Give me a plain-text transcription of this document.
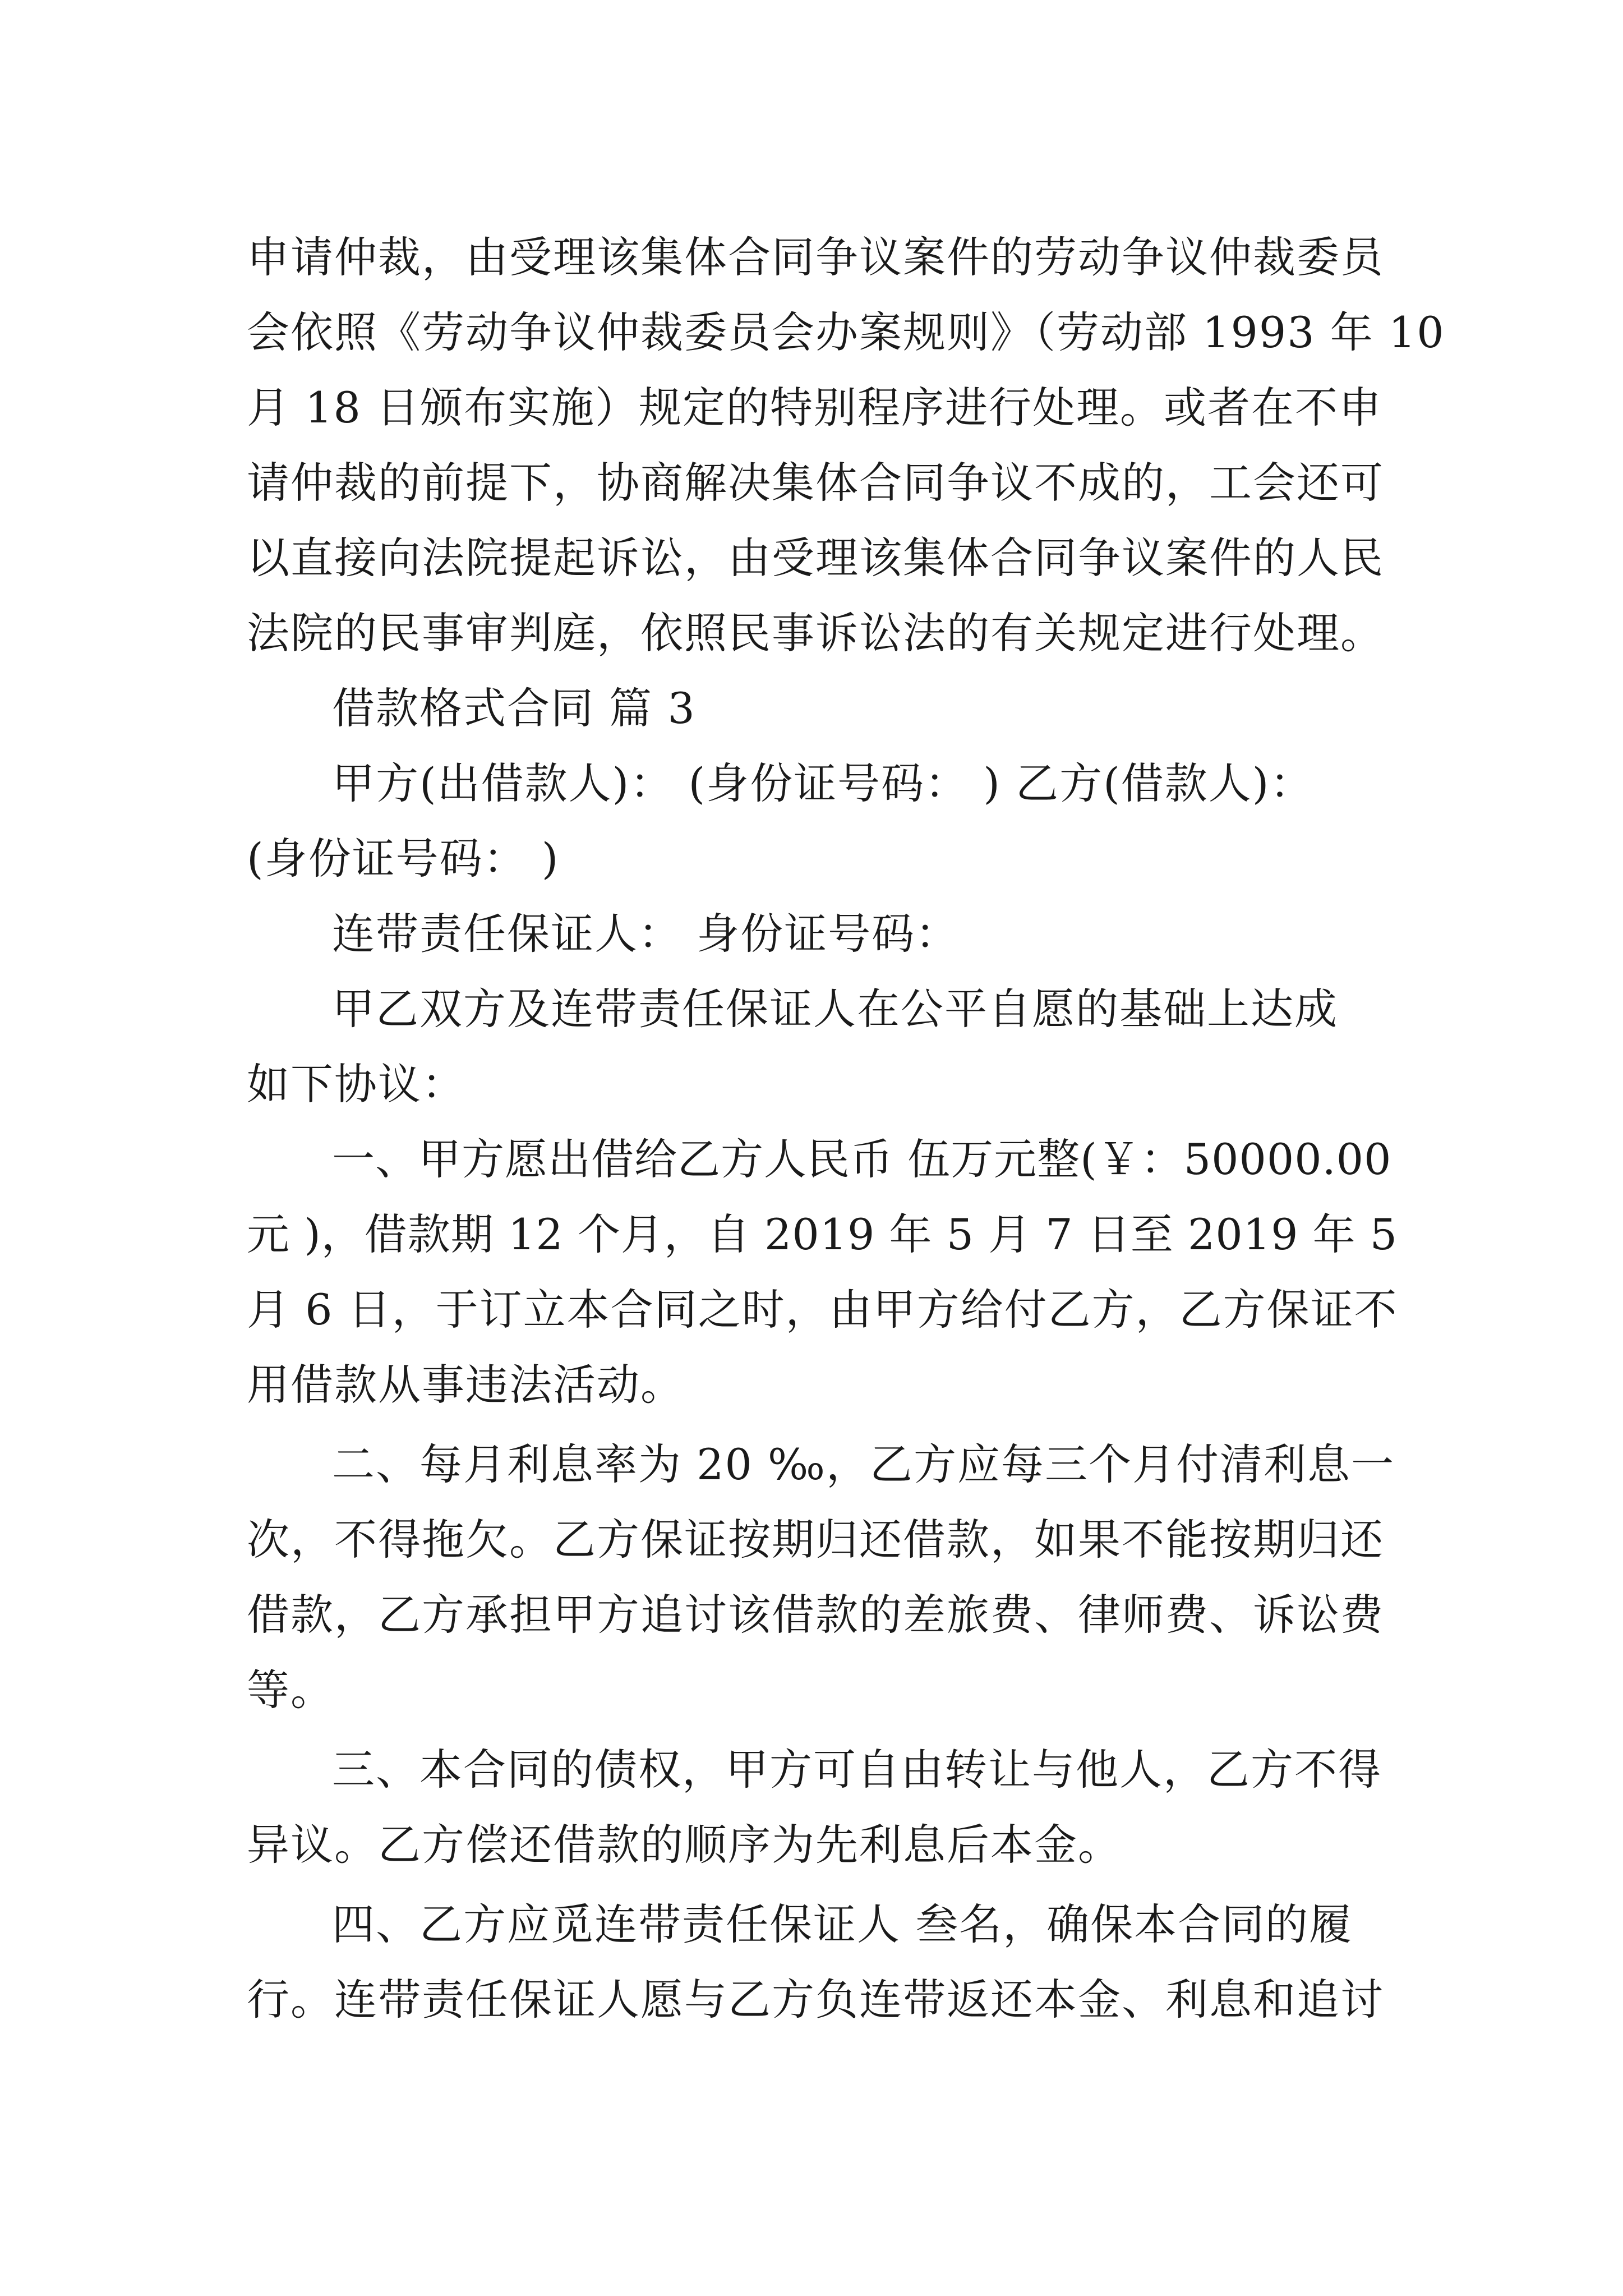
申请仲裁，由受理该集体合同争议案件的劳动争议仲裁委员
会依照《劳动争议仲裁委员会办案规则》（劳动部 1993 年 10
月 18 日颁布实施）规定的特别程序进行处理。或者在不申
请仲裁的前提下，协商解决集体合同争议不成的，工会还可
以直接向法院提起诉讼，由受理该集体合同争议案件的人民
法院的民事审判庭，依照民事诉讼法的有关规定进行处理。
借款格式合同 篇 3
甲方(出借款人)： (身份证号码： ) 乙方(借款人)：
(身份证号码： )
连带责任保证人： 身份证号码：
甲乙双方及连带责任保证人在公平自愿的基础上达成
如下协议：
一、甲方愿出借给乙方人民币 伍万元整(￥：50000.00
元 )，借款期 12 个月，自 2019 年 5 月 7 日至 2019 年 5
月 6 日，于订立本合同之时，由甲方给付乙方，乙方保证不
用借款从事违法活动。
二、每月利息率为 20 ‰，乙方应每三个月付清利息一
次，不得拖欠。乙方保证按期归还借款，如果不能按期归还
借款，乙方承担甲方追讨该借款的差旅费、律师费、诉讼费
等。
三、本合同的债权，甲方可自由转让与他人，乙方不得
异议。乙方偿还借款的顺序为先利息后本金。
四、乙方应觅连带责任保证人 叁名，确保本合同的履
行。连带责任保证人愿与乙方负连带返还本金、利息和追讨
